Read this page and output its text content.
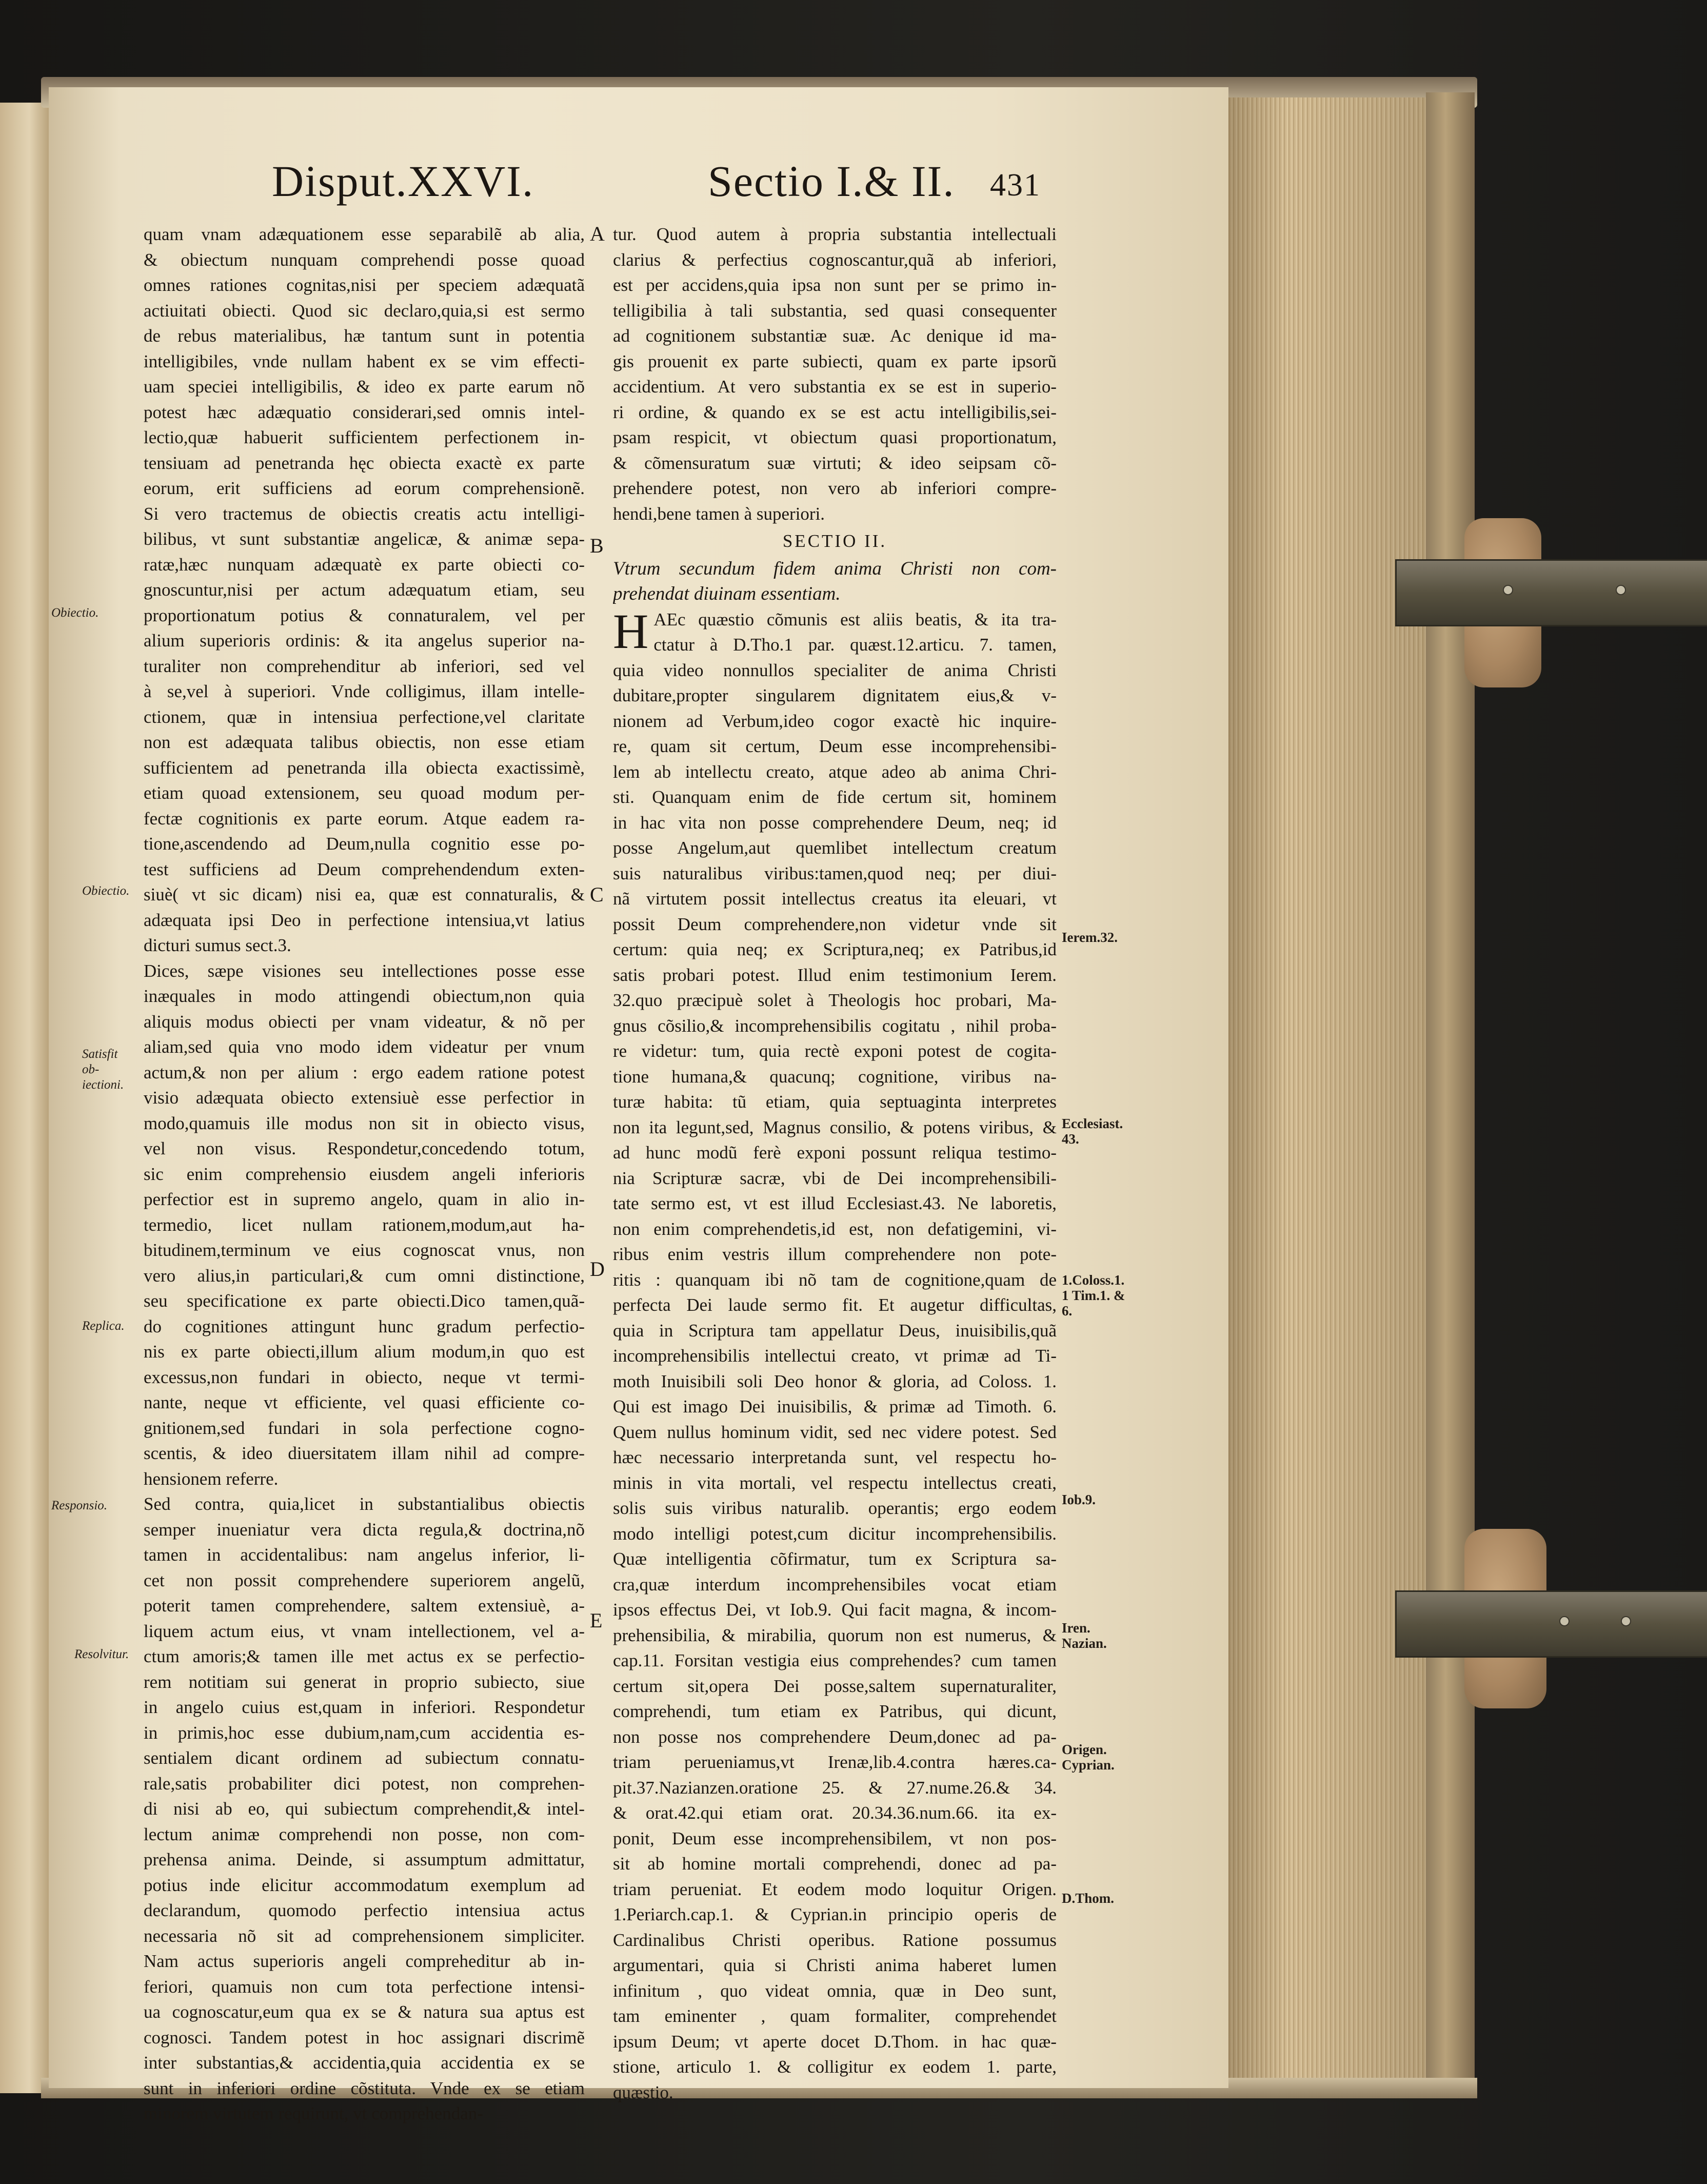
Disput.XXVI.	Sectio I.& II. 431
A
B
C
D
E
Obiectio.
Obiectio.
Satisfit ob-iectioni.
Replica.
Responsio.
Resolvitur.
Ierem.32.
Ecclesiast. 43.
1.Coloss.1. 1 Tim.1. & 6.
Iob.9.
Iren. Nazian.
Origen. Cyprian.
D.Thom.
quam vnam adæquationem esse separabilẽ ab alia,
& obiectum nunquam comprehendi posse quoad
omnes rationes cognitas,nisi per speciem adæquatã
actiuitati obiecti. Quod sic declaro,quia,si est sermo
de rebus materialibus, hæ tantum sunt in potentia
intelligibiles, vnde nullam habent ex se vim effecti-
uam speciei intelligibilis, & ideo ex parte earum nõ
potest hæc adæquatio considerari,sed omnis intel-
lectio,quæ habuerit sufficientem perfectionem in-
tensiuam ad penetranda hęc obiecta exactè ex parte
eorum, erit sufficiens ad eorum comprehensionẽ.
Si vero tractemus de obiectis creatis actu intelligi-
bilibus, vt sunt substantiæ angelicæ, & animæ sepa-
ratæ,hæc nunquam adæquatè ex parte obiecti co-
gnoscuntur,nisi per actum adæquatum etiam, seu
proportionatum potius & connaturalem, vel per
alium superioris ordinis: & ita angelus superior na-
turaliter non comprehenditur ab inferiori, sed vel
à se,vel à superiori. Vnde colligimus, illam intelle-
ctionem, quæ in intensiua perfectione,vel claritate
non est adæquata talibus obiectis, non esse etiam
sufficientem ad penetranda illa obiecta exactissimè,
etiam quoad extensionem, seu quoad modum per-
fectæ cognitionis ex parte eorum. Atque eadem ra-
tione,ascendendo ad Deum,nulla cognitio esse po-
test sufficiens ad Deum comprehendendum exten-
siuè( vt sic dicam) nisi ea, quæ est connaturalis, &
adæquata ipsi Deo in perfectione intensiua,vt latius
dicturi sumus sect.3.
Dices, sæpe visiones seu intellectiones posse esse
inæquales in modo attingendi obiectum,non quia
aliquis modus obiecti per vnam videatur, & nõ per
aliam,sed quia vno modo idem videatur per vnum
actum,& non per alium : ergo eadem ratione potest
visio adæquata obiecto extensiuè esse perfectior in
modo,quamuis ille modus non sit in obiecto visus,
vel non visus. Respondetur,concedendo totum,
sic enim comprehensio eiusdem angeli inferioris
perfectior est in supremo angelo, quam in alio in-
termedio, licet nullam rationem,modum,aut ha-
bitudinem,terminum ve eius cognoscat vnus, non
vero alius,in particulari,& cum omni distinctione,
seu specificatione ex parte obiecti.Dico tamen,quã-
do cognitiones attingunt hunc gradum perfectio-
nis ex parte obiecti,illum alium modum,in quo est
excessus,non fundari in obiecto, neque vt termi-
nante, neque vt efficiente, vel quasi efficiente co-
gnitionem,sed fundari in sola perfectione cogno-
scentis, & ideo diuersitatem illam nihil ad compre-
hensionem referre.
Sed contra, quia,licet in substantialibus obiectis
semper inueniatur vera dicta regula,& doctrina,nõ
tamen in accidentalibus: nam angelus inferior, li-
cet non possit comprehendere superiorem angelũ,
poterit tamen comprehendere, saltem extensiuè, a-
liquem actum eius, vt vnam intellectionem, vel a-
ctum amoris;& tamen ille met actus ex se perfectio-
rem notitiam sui generat in proprio subiecto, siue
in angelo cuius est,quam in inferiori. Respondetur
in primis,hoc esse dubium,nam,cum accidentia es-
sentialem dicant ordinem ad subiectum connatu-
rale,satis probabiliter dici potest, non comprehen-
di nisi ab eo, qui subiectum comprehendit,& intel-
lectum animæ comprehendi non posse, non com-
prehensa anima. Deinde, si assumptum admittatur,
potius inde elicitur accommodatum exemplum ad
declarandum, quomodo perfectio intensiua actus
necessaria nõ sit ad comprehensionem simpliciter.
Nam actus superioris angeli compreheditur ab in-
feriori, quamuis non cum tota perfectione intensi-
ua cognoscatur,eum qua ex se & natura sua aptus est
cognosci. Tandem potest in hoc assignari discrimẽ
inter substantias,& accidentia,quia accidentia ex se
sunt in inferiori ordine cõstituta. Vnde ex se etiam
minorem virtutem requirunt, vt comprehendan-
tur. Quod autem à propria substantia intellectuali
clarius & perfectius cognoscantur,quã ab inferiori,
est per accidens,quia ipsa non sunt per se primo in-
telligibilia à tali substantia, sed quasi consequenter
ad cognitionem substantiæ suæ. Ac denique id ma-
gis prouenit ex parte subiecti, quam ex parte ipsorũ
accidentium. At vero substantia ex se est in superio-
ri ordine, & quando ex se est actu intelligibilis,sei-
psam respicit, vt obiectum quasi proportionatum,
& cõmensuratum suæ virtuti; & ideo seipsam cõ-
prehendere potest, non vero ab inferiori compre-
hendi,bene tamen à superiori.
SECTIO II.
Vtrum secundum fidem anima Christi non com-
prehendat diuinam essentiam.
H AEc quæstio cõmunis est aliis beatis, & ita tra-
ctatur à D.Tho.1 par. quæst.12.articu. 7. tamen,
quia video nonnullos specialiter de anima Christi
dubitare,propter singularem dignitatem eius,& v-
nionem ad Verbum,ideo cogor exactè hic inquire-
re, quam sit certum, Deum esse incomprehensibi-
lem ab intellectu creato, atque adeo ab anima Chri-
sti. Quanquam enim de fide certum sit, hominem
in hac vita non posse comprehendere Deum, neq; id
posse Angelum,aut quemlibet intellectum creatum
suis naturalibus viribus:tamen,quod neq; per diui-
nã virtutem possit intellectus creatus ita eleuari, vt
possit Deum comprehendere,non videtur vnde sit
certum: quia neq; ex Scriptura,neq; ex Patribus,id
satis probari potest. Illud enim testimonium Ierem.
32.quo præcipuè solet à Theologis hoc probari, Ma-
gnus cõsilio,& incomprehensibilis cogitatu , nihil proba-
re videtur: tum, quia rectè exponi potest de cogita-
tione humana,& quacunq; cognitione, viribus na-
turæ habita: tũ etiam, quia septuaginta interpretes
non ita legunt,sed, Magnus consilio, & potens viribus, &
ad hunc modũ ferè exponi possunt reliqua testimo-
nia Scripturæ sacræ, vbi de Dei incomprehensibili-
tate sermo est, vt est illud Ecclesiast.43. Ne laboretis,
non enim comprehendetis,id est, non defatigemini, vi-
ribus enim vestris illum comprehendere non pote-
ritis : quanquam ibi nõ tam de cognitione,quam de
perfecta Dei laude sermo fit. Et augetur difficultas,
quia in Scriptura tam appellatur Deus, inuisibilis,quã
incomprehensibilis intellectui creato, vt primæ ad Ti-
moth Inuisibili soli Deo honor & gloria, ad Coloss. 1.
Qui est imago Dei inuisibilis, & primæ ad Timoth. 6.
Quem nullus hominum vidit, sed nec videre potest. Sed
hæc necessario interpretanda sunt, vel respectu ho-
minis in vita mortali, vel respectu intellectus creati,
solis suis viribus naturalib. operantis; ergo eodem
modo intelligi potest,cum dicitur incomprehensibilis.
Quæ intelligentia cõfirmatur, tum ex Scriptura sa-
cra,quæ interdum incomprehensibiles vocat etiam
ipsos effectus Dei, vt Iob.9. Qui facit magna, & incom-
prehensibilia, & mirabilia, quorum non est numerus, &
cap.11. Forsitan vestigia eius comprehendes? cum tamen
certum sit,opera Dei posse,saltem supernaturaliter,
comprehendi, tum etiam ex Patribus, qui dicunt,
non posse nos comprehendere Deum,donec ad pa-
triam perueniamus,vt Irenæ,lib.4.contra hæres.ca-
pit.37.Nazianzen.oratione 25. & 27.nume.26.& 34.
& orat.42.qui etiam orat. 20.34.36.num.66. ita ex-
ponit, Deum esse incomprehensibilem, vt non pos-
sit ab homine mortali comprehendi, donec ad pa-
triam perueniat. Et eodem modo loquitur Origen.
1.Periarch.cap.1. & Cyprian.in principio operis de
Cardinalibus Christi operibus. Ratione possumus
argumentari, quia si Christi anima haberet lumen
infinitum , quo videat omnia, quæ in Deo sunt,
tam eminenter , quam formaliter, comprehendet
ipsum Deum; vt aperte docet D.Thom. in hac quæ-
stione, articulo 1. & colligitur ex eodem 1. parte,
quæstio.
